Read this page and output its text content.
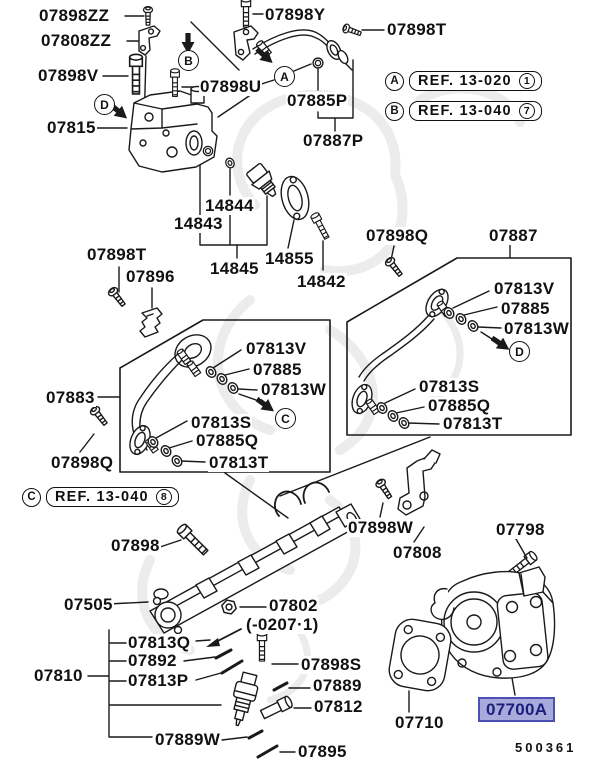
07898ZZ
07808ZZ
07898V
07815
07898Y
07898T
07898U
07885P
07887P
14844
14843
14845
14855
14842
07898T
07896
07883
07898Q
07813V
07885
07813W
07813S
07885Q
07813T
07898Q	07887
07813V
07885
07813W
07813S
07885Q
07813T
07898
07505	07802
(-0207·1)
07813Q
07892
07813P
07810
07898S
07889
07812
07889W
07895
07898W
07808
07798
07710
07700A
A
B
C
D
D
A	REF. 13-020	1
B	REF. 13-040	7
C	REF. 13-040	8
500361
